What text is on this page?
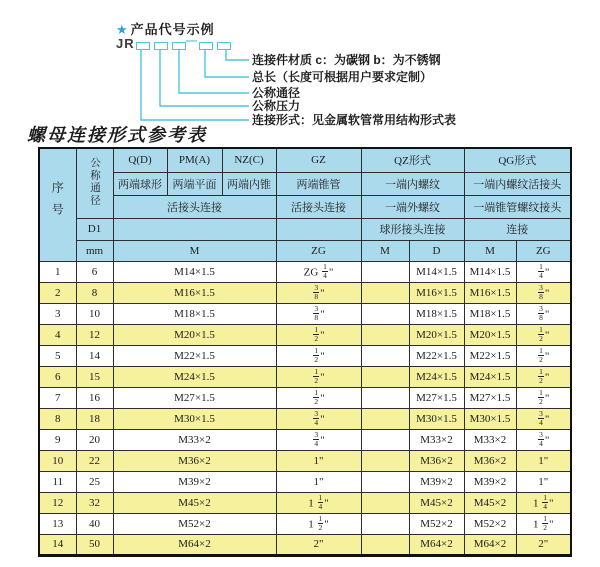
★ 产品代号示例
JR	—
连接件材质 c：为碳钢 b：为不锈钢
总长（长度可根据用户要求定制）
公称通径
公称压力
连接形式：见金属软管常用结构形式表
螺母连接形式参考表
序号	公称通径	Q(D)	PM(A)	NZ(C)	GZ	QZ形式		QG形式	
		两端球形	两端平面	两端内锥	两端锥管	一端内螺纹		一端内螺纹活接头	
		活接头连接			活接头连接	一端外螺纹		一端锥管螺纹接头	
	D1					球形接头连接		连接	
	mm	M			ZG	M	D	M	ZG
1	6	M14×1.5			ZG $\frac{1}{4}$ "		M14×1.5	M14×1.5	$\frac{1}{4}$ "
2	8	M16×1.5			$\frac{3}{8}$ "		M16×1.5	M16×1.5	$\frac{3}{8}$ "
3	10	M18×1.5			$\frac{3}{8}$ "		M18×1.5	M18×1.5	$\frac{3}{8}$ "
4	12	M20×1.5			$\frac{1}{2}$ "		M20×1.5	M20×1.5	$\frac{1}{2}$ "
5	14	M22×1.5			$\frac{1}{2}$ "		M22×1.5	M22×1.5	$\frac{1}{2}$ "
6	15	M24×1.5			$\frac{1}{2}$ "		M24×1.5	M24×1.5	$\frac{1}{2}$ "
7	16	M27×1.5			$\frac{1}{2}$ "		M27×1.5	M27×1.5	$\frac{1}{2}$ "
8	18	M30×1.5			$\frac{3}{4}$ "		M30×1.5	M30×1.5	$\frac{3}{4}$ "
9	20	M33×2			$\frac{3}{4}$ "		M33×2	M33×2	$\frac{3}{4}$ "
10	22	M36×2			1"		M36×2	M36×2	1"
11	25	M39×2			1"		M39×2	M39×2	1"
12	32	M45×2			$1 \frac{1}{4}$ "		M45×2	M45×2	$1 \frac{1}{4}$ "
13	40	M52×2			$1 \frac{1}{2}$ "		M52×2	M52×2	$1 \frac{1}{2}$ "
14	50	M64×2			2"		M64×2	M64×2	2"
